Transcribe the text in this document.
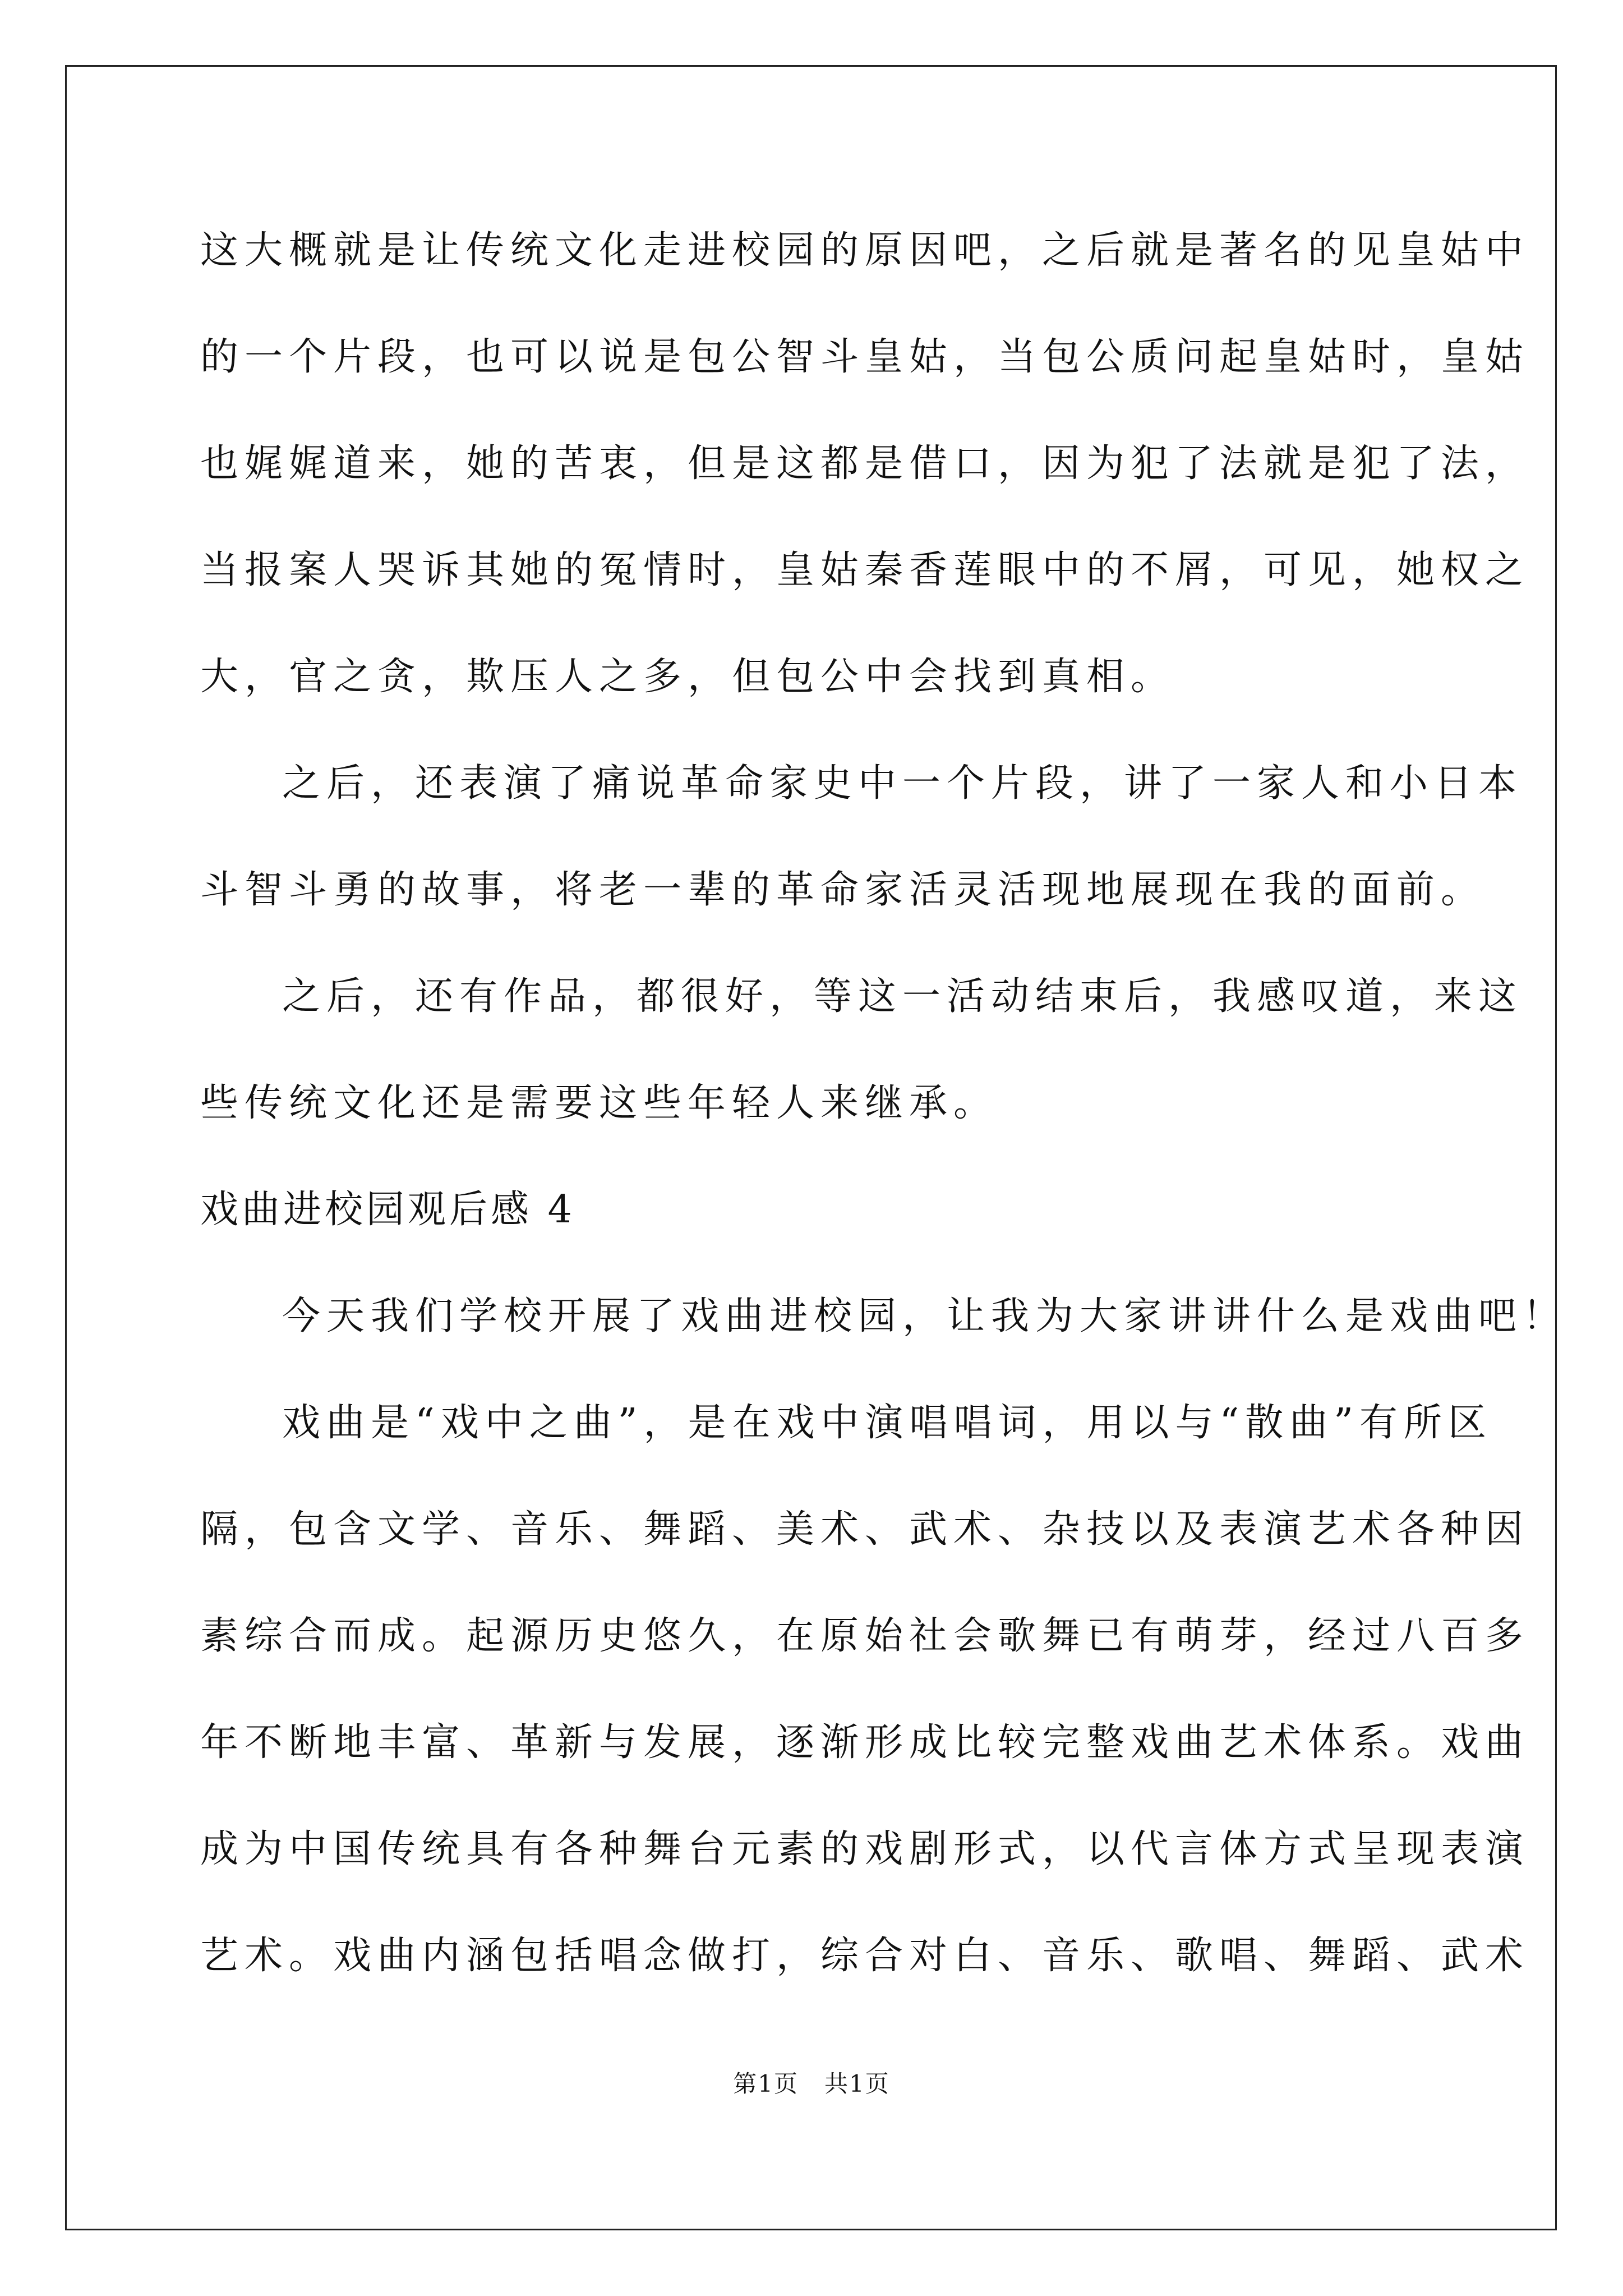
这大概就是让传统文化走进校园的原因吧，之后就是著名的见皇姑中
的一个片段，也可以说是包公智斗皇姑，当包公质问起皇姑时，皇姑
也娓娓道来，她的苦衷，但是这都是借口，因为犯了法就是犯了法，
当报案人哭诉其她的冤情时，皇姑秦香莲眼中的不屑，可见，她权之
大，官之贪，欺压人之多，但包公中会找到真相。
之后，还表演了痛说革命家史中一个片段，讲了一家人和小日本
斗智斗勇的故事，将老一辈的革命家活灵活现地展现在我的面前。
之后，还有作品，都很好，等这一活动结束后，我感叹道，来这
些传统文化还是需要这些年轻人来继承。
戏曲进校园观后感 4
今天我们学校开展了戏曲进校园，让我为大家讲讲什么是戏曲吧！
戏曲是“戏中之曲”，是在戏中演唱唱词，用以与“散曲”有所区
隔，包含文学、音乐、舞蹈、美术、武术、杂技以及表演艺术各种因
素综合而成。起源历史悠久，在原始社会歌舞已有萌芽，经过八百多
年不断地丰富、革新与发展，逐渐形成比较完整戏曲艺术体系。戏曲
成为中国传统具有各种舞台元素的戏剧形式，以代言体方式呈现表演
艺术。戏曲内涵包括唱念做打，综合对白、音乐、歌唱、舞蹈、武术
第1页   共1页
